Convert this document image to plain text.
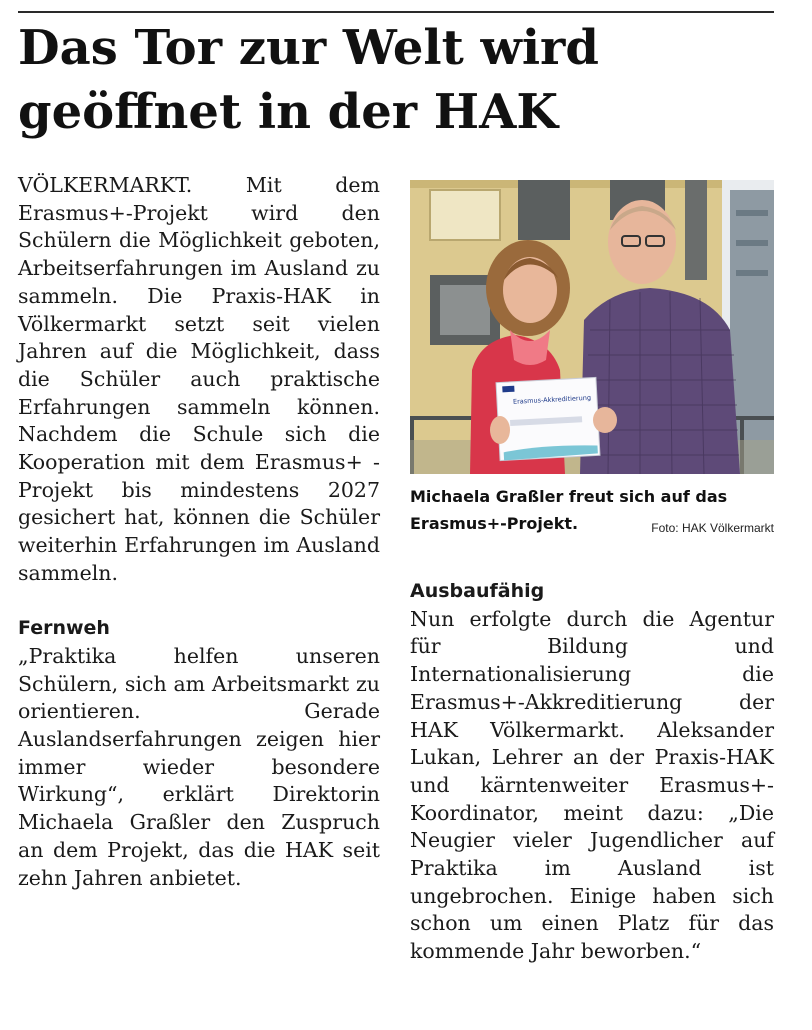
Das Tor zur Welt wird
geöffnet in der HAK

VÖLKERMARKT. Mit dem Erasmus+-Projekt wird den Schülern die Möglichkeit geboten, Arbeitserfahrungen im Ausland zu sammeln. Die Praxis-HAK in Völkermarkt setzt seit vielen Jahren auf die Möglichkeit, dass die Schüler auch praktische Erfahrungen sammeln können. Nachdem die Schule sich die Kooperation mit dem Erasmus+ - Projekt bis mindestens 2027 gesichert hat, können die Schüler weiterhin Erfahrungen im Ausland sammeln.

Fernweh

„Praktika helfen unseren Schülern, sich am Arbeitsmarkt zu orientieren. Gerade Auslandserfahrungen zeigen hier immer wieder besondere Wirkung“, erklärt Direktorin Michaela Graßler den Zuspruch an dem Projekt, das die HAK seit zehn Jahren anbietet.

Erasmus-Akkreditierung
Michaela Graßler freut sich auf das Erasmus+-Projekt.	Foto: HAK Völkermarkt
Ausbaufähig

Nun erfolgte durch die Agentur für Bildung und Internationalisierung die Erasmus+-Akkreditierung der HAK Völkermarkt. Aleksander Lukan, Lehrer an der Praxis-HAK und kärntenweiter Erasmus+-Koordinator, meint dazu: „Die Neugier vieler Jugendlicher auf Praktika im Ausland ist ungebrochen. Einige haben sich schon um einen Platz für das kommende Jahr beworben.“
